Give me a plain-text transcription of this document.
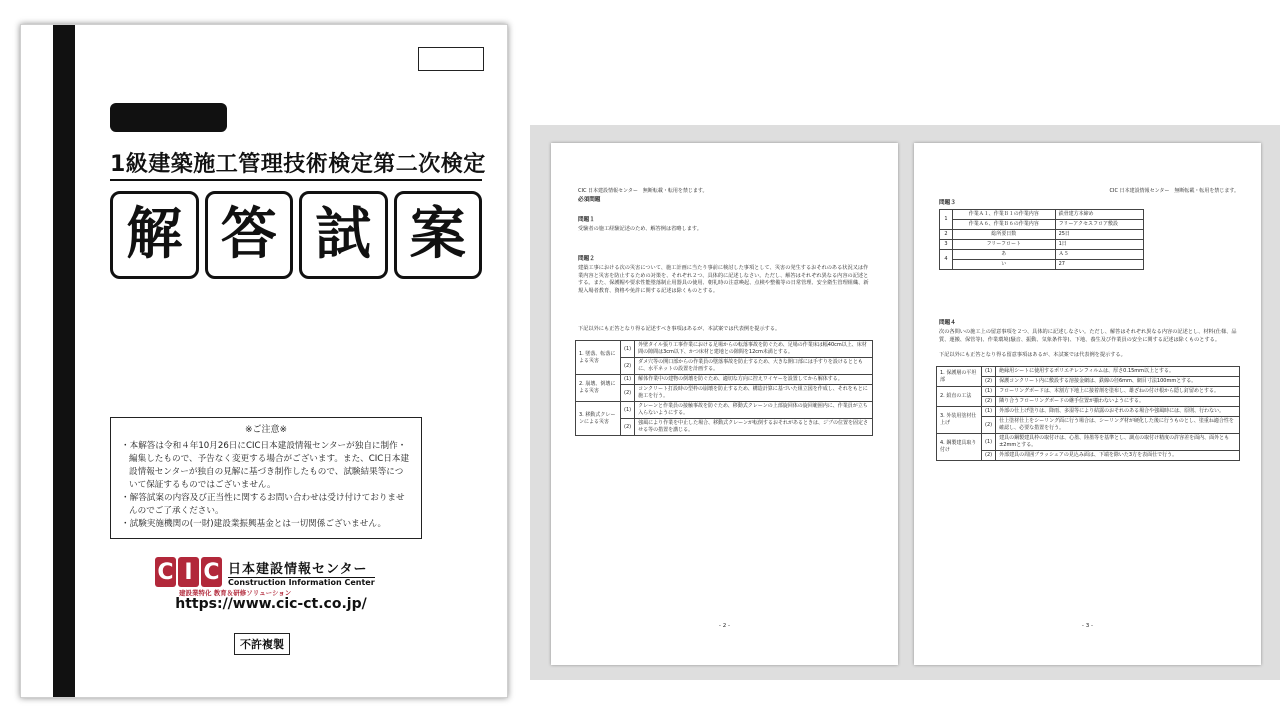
1級建築施工管理技術検定第二次検定
解 答 試 案
※ご注意※
・本解答は令和４年10月26日にCIC日本建設情報センターが独自に制作・編集したもので、予告なく変更する場合がございます。また、CIC日本建設情報センターが独自の見解に基づき制作したもので、試験結果等について保証するものではございません。
・解答試案の内容及び正当性に関するお問い合わせは受け付けておりませんのでご了承ください。
・試験実施機関の(一財)建設業振興基金とは一切関係ございません。
C I C 日本建設情報センター
Construction Information Center
建設業特化 教育＆研修ソリューション
https://www.cic-ct.co.jp/
不許複製
CIC 日本建設情報センター　無断転載・転用を禁じます。
必須問題
問題１
受験者の施工経験記述のため、解答例は省略します。
問題２
建築工事における次の災害について、施工計画に当たり事前に検討した事項として、災害の発生するおそれのある状況又は作業内容と災害を防止するための対策を、それぞれ２つ、具体的に記述しなさい。ただし、解答はそれぞれ異なる内容の記述とする。また、保護帽や要求性能墜落制止用器具の使用、朝礼時の注意喚起、点検や整備等の日常管理、安全衛生管理組織、新規入場者教育、資格や免許に関する記述は除くものとする。
下記以外にも正答となり得る記述すべき事項はあるが、本試案では代表例を提示する。
1. 墜落、転落による災害	(1)	外壁タイル張り工事作業における足場からの転落事故を防ぐため、足場の作業床は幅40cm以上、床材間の隙間は3cm以下、かつ床材と建地との隙間を12cm未満とする。
	(2)	ダメ穴等の開口部からの作業員の墜落事故を防止するため、大きな開口部には手すりを設けるとともに、水平ネットの設置を計画する。
2. 崩壊、倒壊による災害	(1)	解体作業中の建物の倒壊を防ぐため、適切な方向に控えワイヤーを設置してから解体する。
	(2)	コンクリート打設時の型枠の崩壊を防止するため、構造計算に基づいた組立図を作成し、それをもとに施工を行う。
3. 移動式クレーンによる災害	(1)	クレーンと作業員の接触事故を防ぐため、移動式クレーンの上部旋回体の旋回範囲内に、作業員が立ち入らないようにする。
	(2)	強風により作業を中止した場合、移動式クレーンが転倒するおそれがあるときは、ジブの位置を固定させる等の措置を講じる。
- 2 -
CIC 日本建設情報センター　無断転載・転用を禁じます。
問題３
1	作業Ａ１、作業Ｂ１の作業内容	鉄骨建方本締め
	作業Ａ６、作業Ｂ６の作業内容	フリーアクセスフロア敷設
2	総所要日数	25日
3	フリーフロート	1日
4	あ	Ａ５
	い	27
問題４
次の各問いの施工上の留意事項を２つ、具体的に記述しなさい。ただし、解答はそれぞれ異なる内容の記述とし、材料(仕様、品質、運搬、保管等)、作業環境(騒音、振動、気象条件等)、下地、養生及び作業員の安全に関する記述は除くものとする。
下記以外にも正答となり得る留意事項はあるが、本試案では代表例を提示する。
1. 保護層の平坦部	(1)	絶縁用シートに使用するポリエチレンフィルムは、厚さ0.15mm以上とする。
	(2)	保護コンクリート内に敷設する溶接金網は、鉄線の径6mm、網目寸法100mmとする。
2. 鉛直の工法	(1)	フローリングボードは、本割方下地上に接着剤を塗布し、雄ざねの付け根から隠し釘留めとする。
	(2)	隣り合うフローリングボードの継手位置が揃わないようにする。
3. 外装用塗材仕上げ	(1)	外部の仕上げ塗りは、降雨、多湿等により結露のおそれのある場合や強風時には、原則、行わない。
	(2)	仕上塗材仕上をシーリング面に行う場合は、シーリング材が硬化した後に行うものとし、塗重ね適合性を確認し、必要な措置を行う。
4. 鋼製建具取り付け	(1)	建具の鋼製建具枠の取付けは、心墨、陸墨等を基準とし、調点の取付け精度の許容差を面内、面外とも±2mmとする。
	(2)	外部建具の周囲ブラッシュアの見込み面は、下端を除いた3方を表面仕で行う。
- 3 -
